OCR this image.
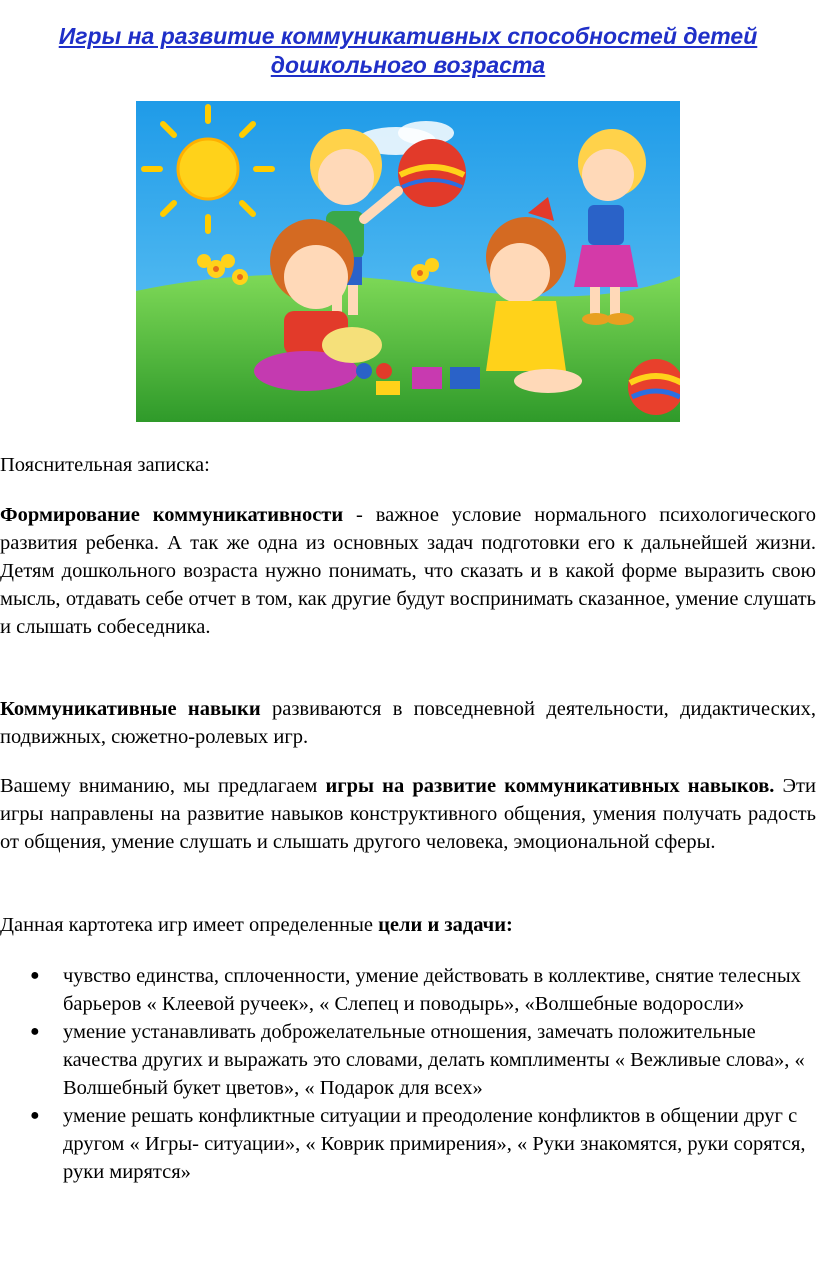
Игры на развитие коммуникативных способностей детей дошкольного возраста
Пояснительная записка:
Формирование коммуникативности - важное условие нормального психологического развития ребенка. А так же одна из основных задач подготовки его к дальнейшей жизни. Детям дошкольного возраста нужно понимать, что сказать и в какой форме выразить свою мысль, отдавать себе отчет в том, как другие будут воспринимать сказанное, умение слушать и слышать собеседника.
Коммуникативные навыки развиваются в повседневной деятельности, дидактических, подвижных, сюжетно-ролевых игр.
Вашему вниманию, мы предлагаем игры на развитие коммуникативных навыков. Эти игры направлены на развитие навыков конструктивного общения, умения получать радость от общения, умение слушать и слышать другого человека, эмоциональной сферы.
Данная картотека игр имеет определенные цели и задачи:
● чувство единства, сплоченности, умение действовать в коллективе, снятие телесных барьеров « Клеевой ручеек», « Слепец и поводырь», «Волшебные водоросли»
● умение устанавливать доброжелательные отношения, замечать положительные качества других и выражать это словами, делать комплименты « Вежливые слова», « Волшебный букет цветов», « Подарок для всех»
● умение решать конфликтные ситуации и преодоление конфликтов в общении друг с другом « Игры- ситуации», « Коврик примирения», « Руки знакомятся, руки сорятся, руки мирятся»
